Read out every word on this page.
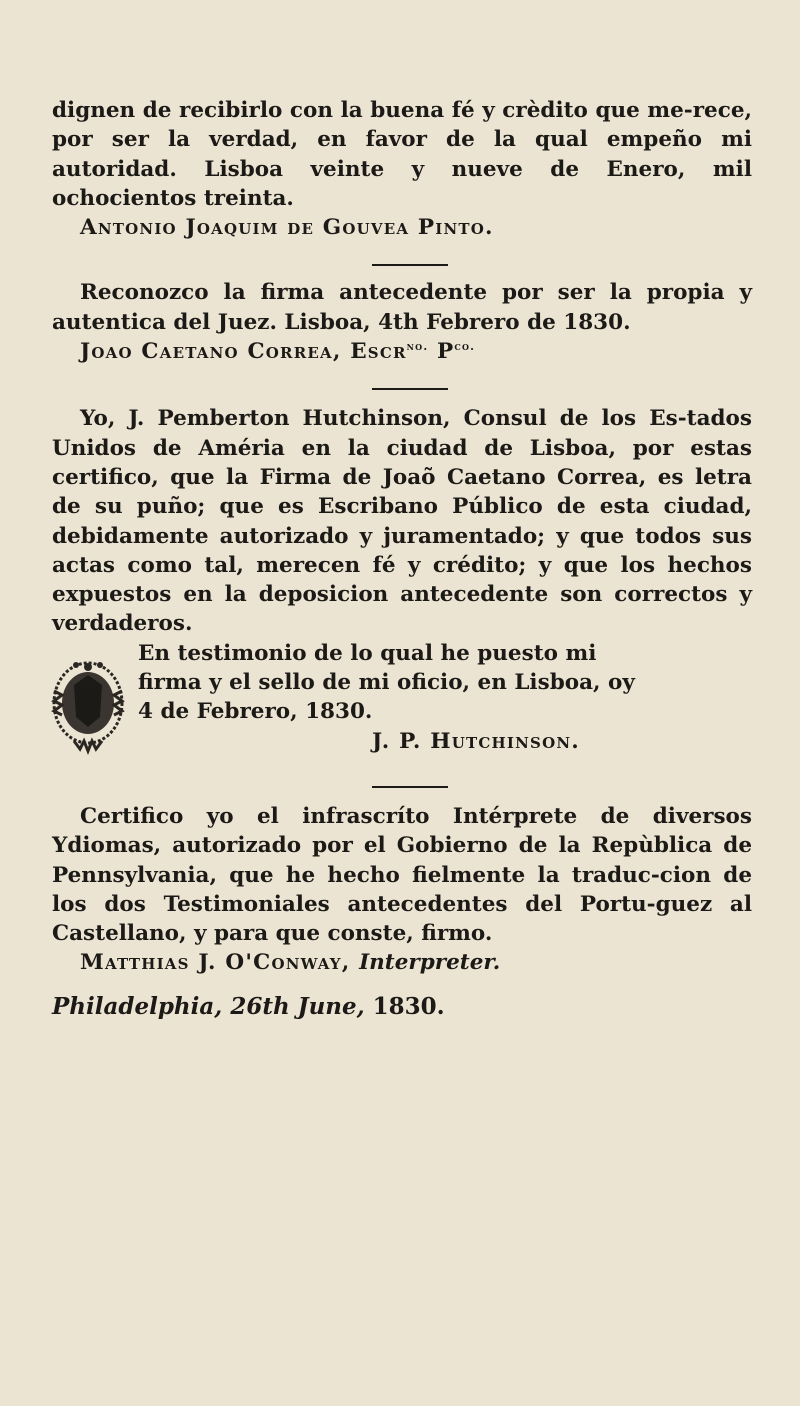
dignen de recibirlo con la buena fé y crèdito que me-rece, por ser la verdad, en favor de la qual empeño mi autoridad. Lisboa veinte y nueve de Enero, mil ochocientos treinta.

Antonio Joaquim de Gouvea Pinto.

Reconozco la firma antecedente por ser la propia y autentica del Juez. Lisboa, 4th Febrero de 1830.

Joao Caetano Correa, Escr$^{no.}$ $P^{co.}$

Yo, J. Pemberton Hutchinson, Consul de los Es-tados Unidos de Améria en la ciudad de Lisboa, por estas certifico, que la Firma de Joaõ Caetano Correa, es letra de su puño; que es Escribano Público de esta ciudad, debidamente autorizado y juramentado; y que todos sus actas como tal, merecen fé y crédito; y que los hechos expuestos en la deposicion antecedente son correctos y verdaderos.

En testimonio de lo qual he puesto mi

firma y el sello de mi oficio, en Lisboa, oy

4 de Febrero, 1830.

J. P. Hutchinson.

Certifico yo el infrascríto Intérprete de diversos Ydiomas, autorizado por el Gobierno de la Repùblica de Pennsylvania, que he hecho fielmente la traduc-cion de los dos Testimoniales antecedentes del Portu-guez al Castellano, y para que conste, firmo.

Matthias J. O'Conway, Interpreter.

Philadelphia, 26th June, 1830.
